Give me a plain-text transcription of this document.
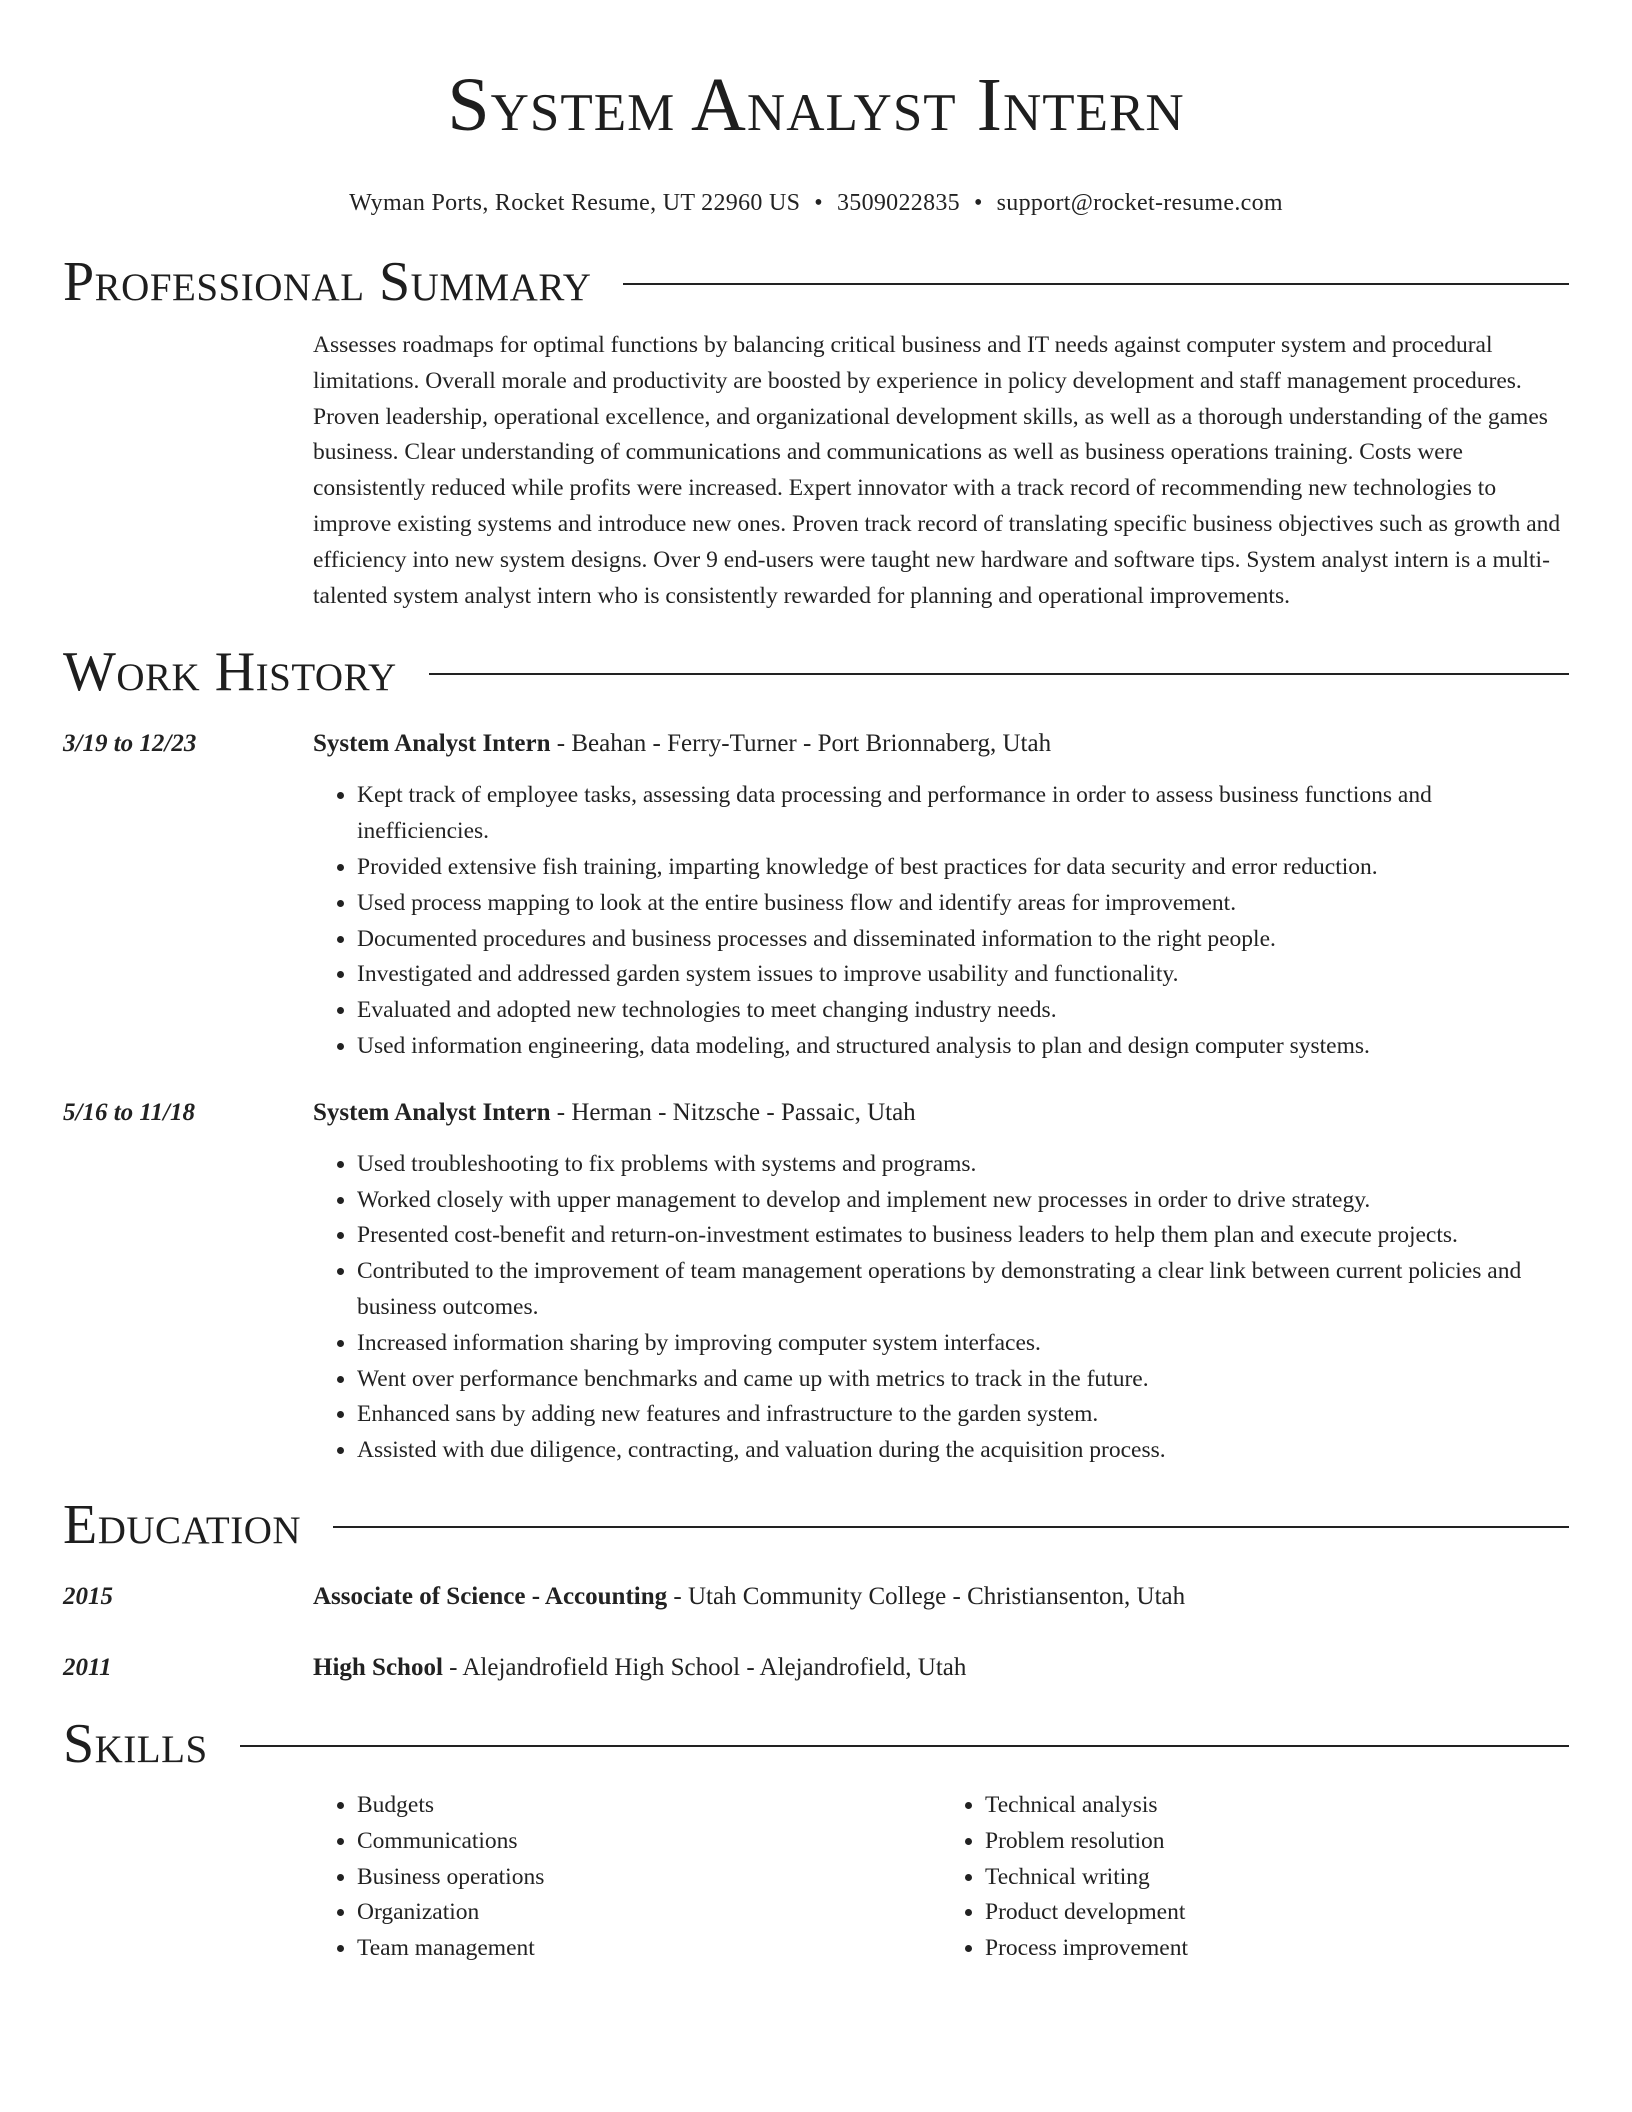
System Analyst Intern
Wyman Ports, Rocket Resume, UT 22960 US • 3509022835 • support@rocket-resume.com
Professional Summary
Assesses roadmaps for optimal functions by balancing critical business and IT needs against computer system and procedural limitations. Overall morale and productivity are boosted by experience in policy development and staff management procedures. Proven leadership, operational excellence, and organizational development skills, as well as a thorough understanding of the games business. Clear understanding of communications and communications as well as business operations training. Costs were consistently reduced while profits were increased. Expert innovator with a track record of recommending new technologies to improve existing systems and introduce new ones. Proven track record of translating specific business objectives such as growth and efficiency into new system designs. Over 9 end-users were taught new hardware and software tips. System analyst intern is a multi-talented system analyst intern who is consistently rewarded for planning and operational improvements.
Work History
3/19 to 12/23	System Analyst Intern - Beahan - Ferry-Turner - Port Brionnaberg, Utah
• Kept track of employee tasks, assessing data processing and performance in order to assess business functions and inefficiencies.
• Provided extensive fish training, imparting knowledge of best practices for data security and error reduction.
• Used process mapping to look at the entire business flow and identify areas for improvement.
• Documented procedures and business processes and disseminated information to the right people.
• Investigated and addressed garden system issues to improve usability and functionality.
• Evaluated and adopted new technologies to meet changing industry needs.
• Used information engineering, data modeling, and structured analysis to plan and design computer systems.
5/16 to 11/18	System Analyst Intern - Herman - Nitzsche - Passaic, Utah
• Used troubleshooting to fix problems with systems and programs.
• Worked closely with upper management to develop and implement new processes in order to drive strategy.
• Presented cost-benefit and return-on-investment estimates to business leaders to help them plan and execute projects.
• Contributed to the improvement of team management operations by demonstrating a clear link between current policies and business outcomes.
• Increased information sharing by improving computer system interfaces.
• Went over performance benchmarks and came up with metrics to track in the future.
• Enhanced sans by adding new features and infrastructure to the garden system.
• Assisted with due diligence, contracting, and valuation during the acquisition process.
Education
2015	Associate of Science - Accounting - Utah Community College - Christiansenton, Utah
2011	High School - Alejandrofield High School - Alejandrofield, Utah
Skills
• Budgets
• Communications
• Business operations
• Organization
• Team management
• Technical analysis
• Problem resolution
• Technical writing
• Product development
• Process improvement
